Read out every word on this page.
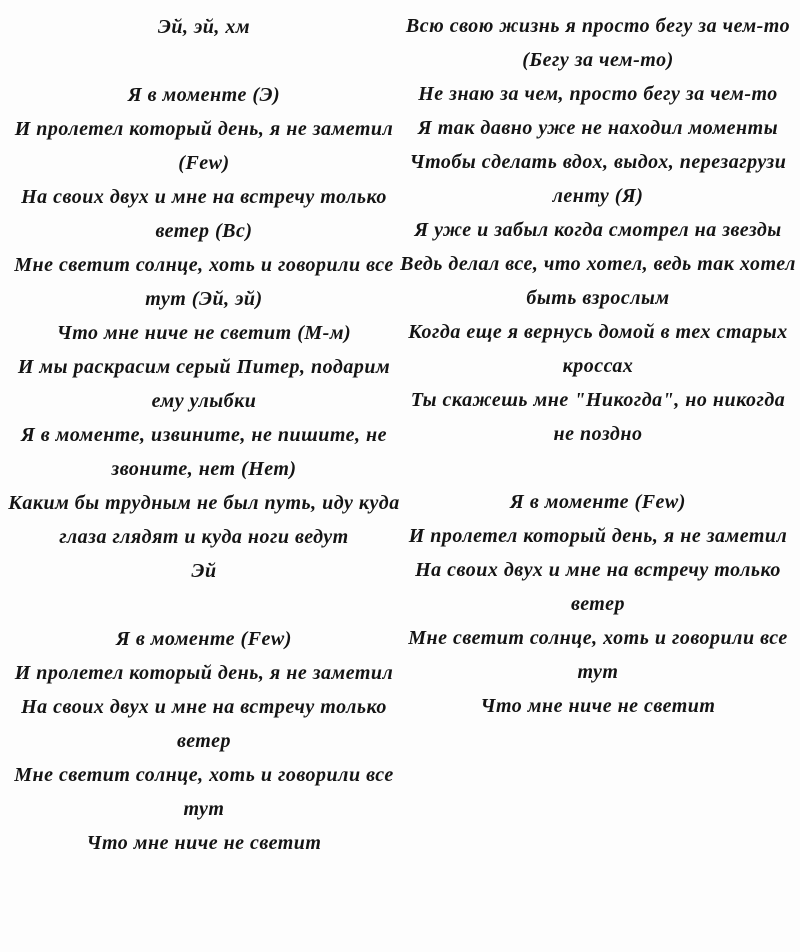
Эй, эй, хм
Я в моменте (Э)
И пролетел который день, я не заметил (Few)
На своих двух и мне на встречу только ветер (Вс)
Мне светит солнце, хоть и говорили все тут (Эй, эй)
Что мне ниче не светит (М-м)
И мы раскрасим серый Питер, подарим ему улыбки
Я в моменте, извините, не пишите, не звоните, нет (Нет)
Каким бы трудным не был путь, иду куда глаза глядят и куда ноги ведут
Эй
Я в моменте (Few)
И пролетел который день, я не заметил
На своих двух и мне на встречу только ветер
Мне светит солнце, хоть и говорили все тут
Что мне ниче не светит
Всю свою жизнь я просто бегу за чем-то (Бегу за чем-то)
Не знаю за чем, просто бегу за чем-то
Я так давно уже не находил моменты
Чтобы сделать вдох, выдох, перезагрузи ленту (Я)
Я уже и забыл когда смотрел на звезды
Ведь делал все, что хотел, ведь так хотел быть взрослым
Когда еще я вернусь домой в тех старых кроссах
Ты скажешь мне "Никогда", но никогда не поздно
Я в моменте (Few)
И пролетел который день, я не заметил
На своих двух и мне на встречу только ветер
Мне светит солнце, хоть и говорили все тут
Что мне ниче не светит
